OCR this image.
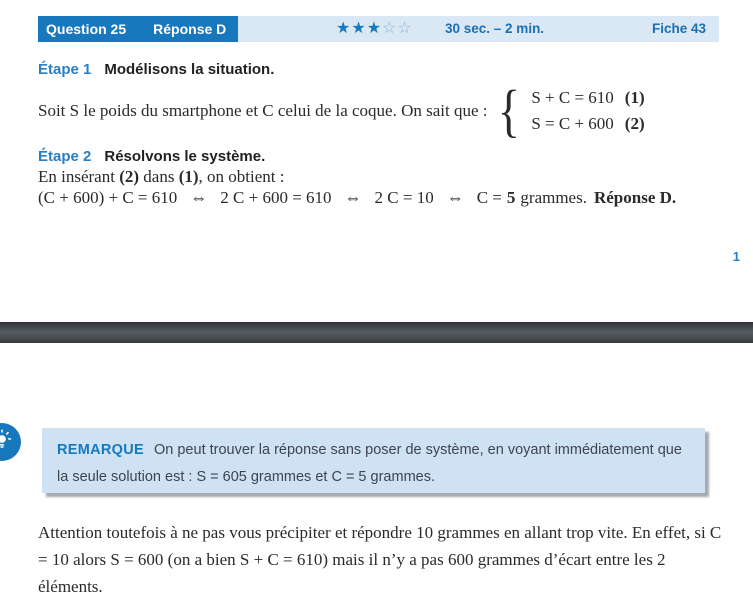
Question 25 Réponse D	★★★☆☆ 30 sec. – 2 min.	Fiche 43
Étape 1 Modélisons la situation.
Soit S le poids du smartphone et C celui de la coque. On sait que : { S + C = 610 (1)
S = C + 600 (2)
Étape 2 Résolvons le système.
En insérant (2) dans (1), on obtient :
(C + 600) + C = 610 ⇔ 2 C + 600 = 610 ⇔ 2 C = 10 ⇔ C = 5 grammes. Réponse D.
1
REMARQUE On peut trouver la réponse sans poser de système, en voyant immédiatement que la seule solution est : S = 605 grammes et C = 5 grammes.

Attention toutefois à ne pas vous précipiter et répondre 10 grammes en allant trop vite. En effet, si C = 10 alors S = 600 (on a bien S + C = 610) mais il n’y a pas 600 grammes d’écart entre les 2 éléments.
